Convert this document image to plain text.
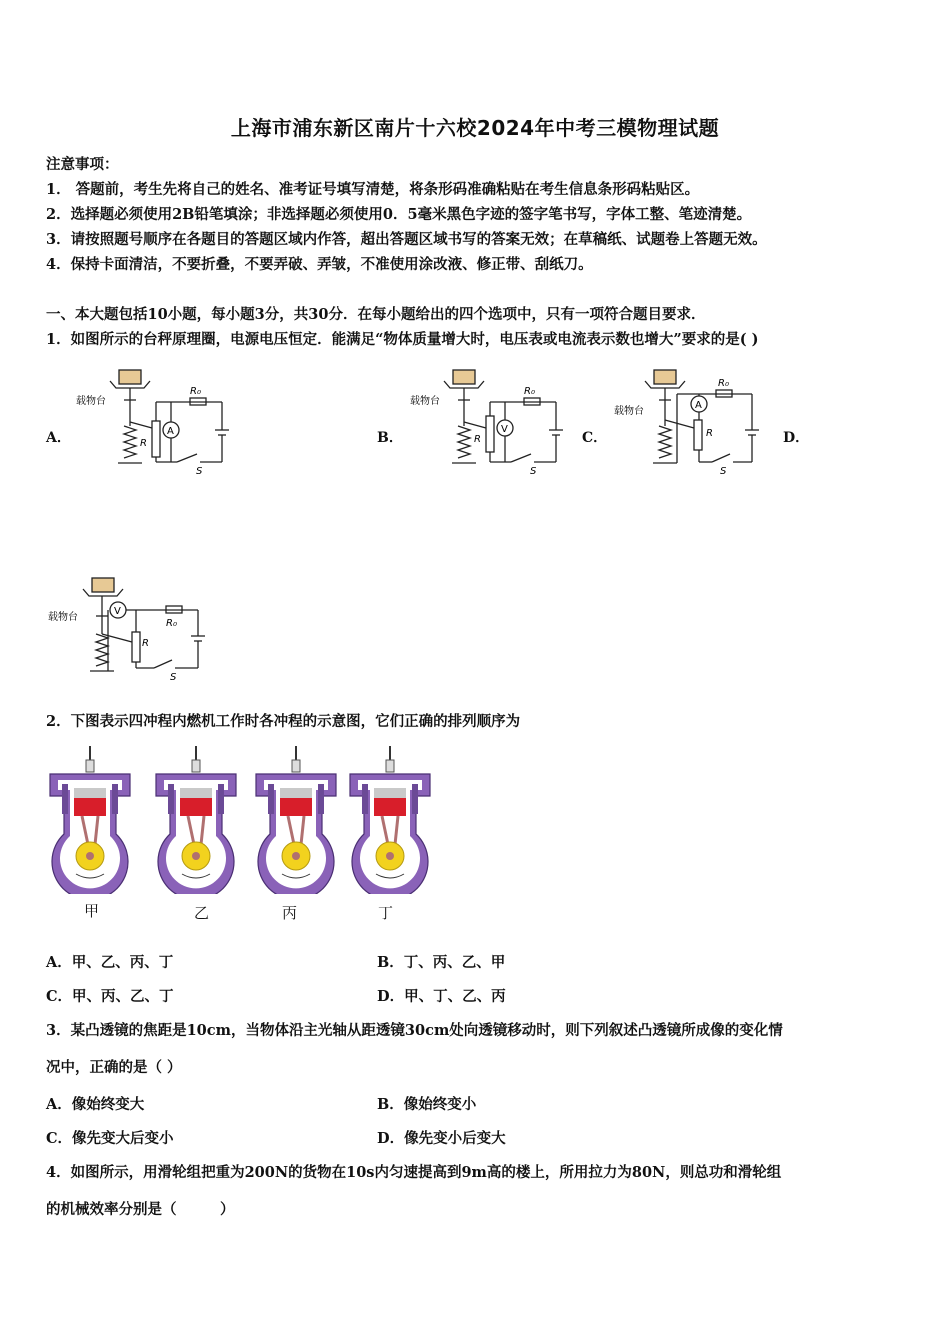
上海市浦东新区南片十六校2024年中考三模物理试题
注意事项：
1． 答题前，考生先将自己的姓名、准考证号填写清楚，将条形码准确粘贴在考生信息条形码粘贴区。
2．选择题必须使用2B铅笔填涂；非选择题必须使用0．5毫米黑色字迹的签字笔书写，字体工整、笔迹清楚。
3．请按照题号顺序在各题目的答题区域内作答，超出答题区域书写的答案无效；在草稿纸、试题卷上答题无效。
4．保持卡面清洁，不要折叠，不要弄破、弄皱，不准使用涂改液、修正带、刮纸刀。
一、本大题包括10小题，每小题3分，共30分．在每小题给出的四个选项中，只有一项符合题目要求．
1．如图所示的台秤原理圈，电源电压恒定．能满足“物体质量增大时，电压表或电流表示数也增大”要求的是( )
A．	B．	C．	D．
载物台
A
R₀
R
S
载物台
V
R₀
R
S
载物台
A
R₀
R
S
载物台
V
R₀
R
S
2．下图表示四冲程内燃机工作时各冲程的示意图，它们正确的排列顺序为
甲	乙	丙	丁
A．甲、乙、丙、丁	B．丁、丙、乙、甲
C．甲、丙、乙、丁	D．甲、丁、乙、丙
3．某凸透镜的焦距是10cm，当物体沿主光轴从距透镜30cm处向透镜移动时，则下列叙述凸透镜所成像的变化情
况中，正确的是（ ）
A．像始终变大	B．像始终变小
C．像先变大后变小	D．像先变小后变大
4．如图所示，用滑轮组把重为200N的货物在10s内匀速提高到9m高的楼上，所用拉力为80N，则总功和滑轮组
的机械效率分别是（　　　）
